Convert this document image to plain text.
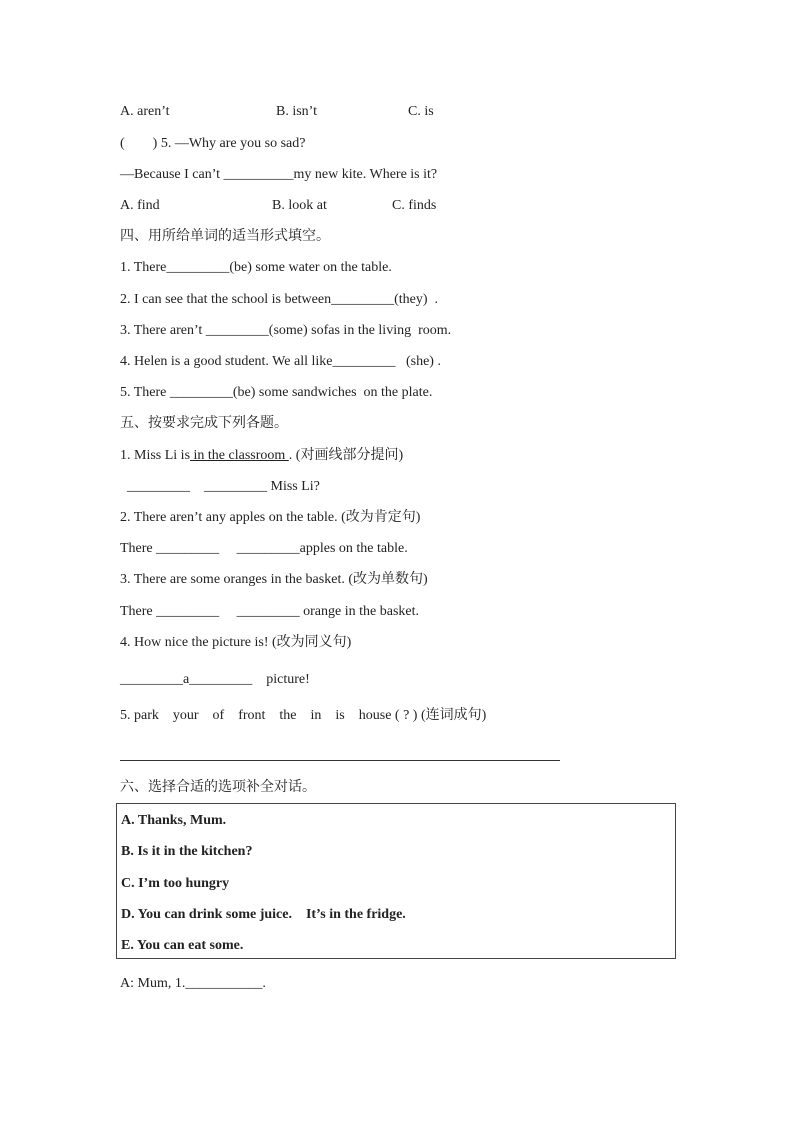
A. aren’t	B. isn’t	C. is
(        ) 5. —Why are you so sad?
—Because I can’t __________my new kite. Where is it?
A. find	B. look at	C. finds
四、用所给单词的适当形式填空。
1. There_________(be) some water on the table.
2. I can see that the school is between_________(they)  .
3. There aren’t _________(some) sofas in the living  room.
4. Helen is a good student. We all like_________   (she) .
5. There _________(be) some sandwiches  on the plate.
五、按要求完成下列各题。
1. Miss Li is in the classroom . (对画线部分提问)
_________    _________ Miss Li?
2. There aren’t any apples on the table. (改为肯定句)
There _________     _________apples on the table.
3. There are some oranges in the basket. (改为单数句)
There _________     _________ orange in the basket.
4. How nice the picture is! (改为同义句)
_________a_________    picture!
5. park    your    of    front    the    in    is    house ( ? ) (连词成句)
六、选择合适的选项补全对话。
A. Thanks, Mum.
B. Is it in the kitchen?
C. I’m too hungry
D. You can drink some juice.    It’s in the fridge.
E. You can eat some.
A: Mum, 1.___________.
